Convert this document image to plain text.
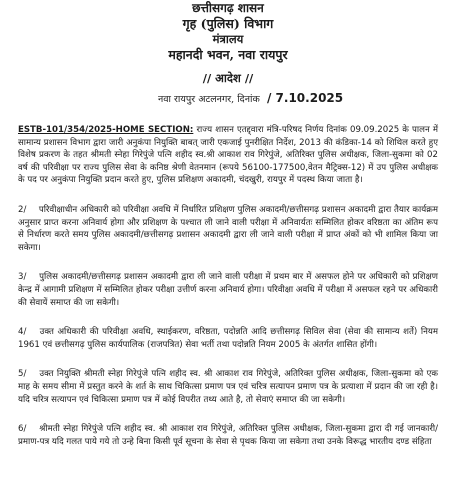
छत्तीसगढ़ शासन
गृह (पुलिस) विभाग
मंत्रालय
महानदी भवन, नवा रायपुर
// आदेश //
नवा रायपुर अटलनगर, दिनांक  / 7.10.2025

ESTB-101/354/2025-HOME SECTION: राज्य शासन एतद्द्वारा मंत्रि-परिषद निर्णय दिनांक 09.09.2025 के पालन में सामान्य प्रशासन विभाग द्वारा जारी अनुकंपा नियुक्ति बाबत् जारी एकजाई पुनरीक्षित निर्देश, 2013 की कंडिका-14 को शिथिल करते हुए विशेष प्रकरण के तहत श्रीमती स्नेहा गिरेपुंजे पत्नि शहीद स्व.श्री आकाश राव गिरेपुंजे, अतिरिक्त पुलिस अधीक्षक, जिला-सुकमा को 02 वर्ष की परिवीक्षा पर राज्य पुलिस सेवा के कनिष्ठ श्रेणी वेतनमान (रूपये 56100-177500,वेतन मैट्रिक्स-12) में उप पुलिस अधीक्षक के पद पर अनुकंपा नियुक्ति प्रदान करते हुए, पुलिस प्रशिक्षण अकादमी, चंदखुरी, रायपुर में पदस्थ किया जाता है।

2/ परिवीक्षाधीन अधिकारी को परिवीक्षा अवधि में निर्धारित प्रशिक्षण पुलिस अकादमी/छत्तीसगढ़ प्रशासन अकादमी द्वारा तैयार कार्यक्रम अनुसार प्राप्त करना अनिवार्य होगा और प्रशिक्षण के पश्चात ली जाने वाली परीक्षा में अनिवार्यतः सम्मिलित होकर वरिष्ठता का अंतिम रूप से निर्धारण करते समय पुलिस अकादमी/छत्तीसगढ़ प्रशासन अकादमी द्वारा ली जाने वाली परीक्षा में प्राप्त अंकों को भी शामिल किया जा सकेगा।

3/ पुलिस अकादमी/छत्तीसगढ़ प्रशासन अकादमी द्वारा ली जाने वाली परीक्षा में प्रथम बार में असफल होने पर अधिकारी को प्रशिक्षण केन्द्र में आगामी प्रशिक्षण में सम्मिलित होकर परीक्षा उत्तीर्ण करना अनिवार्य होगा। परिवीक्षा अवधि में परीक्षा में असफल रहने पर अधिकारी की सेवायें समाप्त की जा सकेगी।

4/ उक्त अधिकारी की परिवीक्षा अवधि, स्थाईकरण, वरिष्ठता, पदोन्नति आदि छत्तीसगढ़ सिविल सेवा (सेवा की सामान्य शर्ते) नियम 1961 एवं छत्तीसगढ़ पुलिस कार्यपालिक (राजपत्रित) सेवा भर्ती तथा पदोन्नति नियम 2005 के अंतर्गत शासित होंगी।

5/ उक्त नियुक्ति श्रीमती स्नेहा गिरेपुंजे पत्नि शहीद स्व. श्री आकाश राव गिरेपुंजे, अतिरिक्त पुलिस अधीक्षक, जिला-सुकमा को एक माह के समय सीमा में प्रस्तुत करने के शर्त के साथ चिकित्सा प्रमाण पत्र एवं चरित्र सत्यापन प्रमाण पत्र के प्रत्याशा में प्रदान की जा रही है। यदि चरित्र सत्यापन एवं चिकित्सा प्रमाण पत्र में कोई विपरीत तथ्य आते है, तो सेवाएं समाप्त की जा सकेगी।

6/ श्रीमती स्नेहा गिरेपुंजे पत्नि शहीद स्व. श्री आकाश राव गिरेपुंजे, अतिरिक्त पुलिस अधीक्षक, जिला-सुकमा द्वारा दी गई जानकारी/प्रमाण-पत्र यदि गलत पाये गये तो उन्हे बिना किसी पूर्व सूचना के सेवा से पृथक किया जा सकेगा तथा उनके विरूद्ध भारतीय दण्ड संहिता
